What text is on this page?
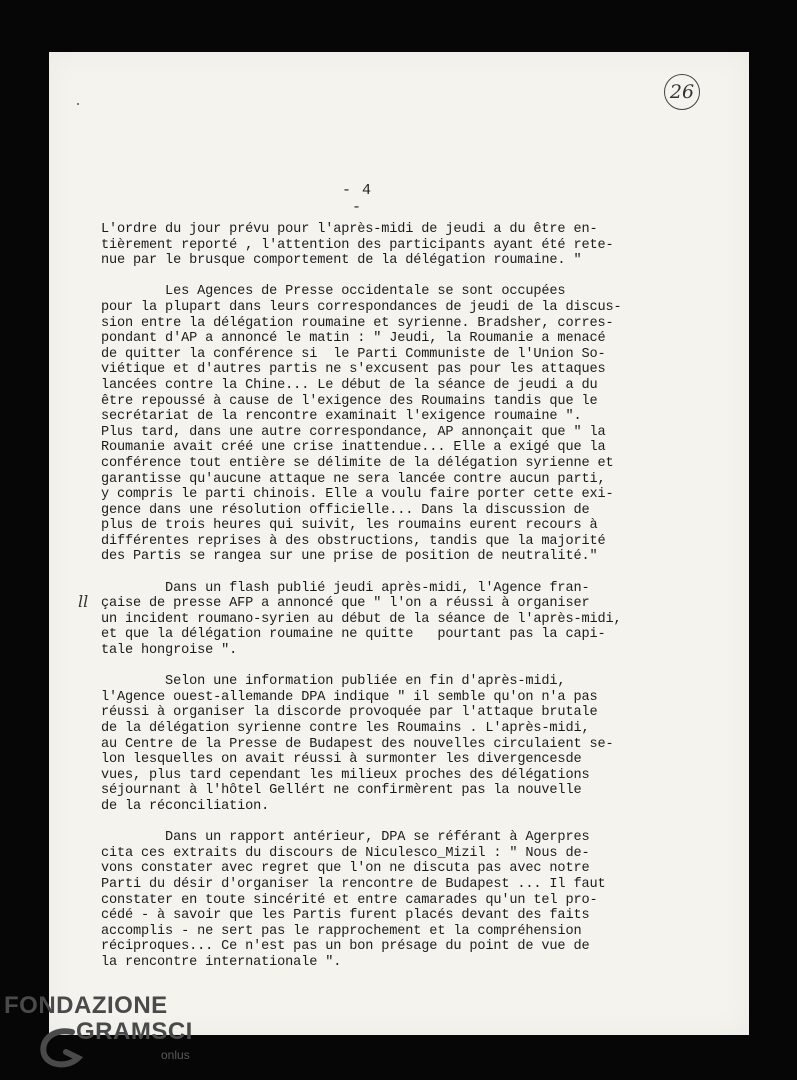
26
- 4 -
ll
L'ordre du jour prévu pour l'après-midi de jeudi a du être en-
tièrement reporté , l'attention des participants ayant été rete-
nue par le brusque comportement de la délégation roumaine. "
Les Agences de Presse occidentale se sont occupées
pour la plupart dans leurs correspondances de jeudi de la discus-
sion entre la délégation roumaine et syrienne. Bradsher, corres-
pondant d'AP a annoncé le matin : " Jeudi, la Roumanie a menacé
de quitter la conférence si  le Parti Communiste de l'Union So-
viétique et d'autres partis ne s'excusent pas pour les attaques
lancées contre la Chine... Le début de la séance de jeudi a du
être repoussé à cause de l'exigence des Roumains tandis que le
secrétariat de la rencontre examinait l'exigence roumaine ".
Plus tard, dans une autre correspondance, AP annonçait que " la
Roumanie avait créé une crise inattendue... Elle a exigé que la
conférence tout entière se délimite de la délégation syrienne et
garantisse qu'aucune attaque ne sera lancée contre aucun parti,
y compris le parti chinois. Elle a voulu faire porter cette exi-
gence dans une résolution officielle... Dans la discussion de
plus de trois heures qui suivit, les roumains eurent recours à
différentes reprises à des obstructions, tandis que la majorité
des Partis se rangea sur une prise de position de neutralité."
Dans un flash publié jeudi après-midi, l'Agence fran-
çaise de presse AFP a annoncé que " l'on a réussi à organiser
un incident roumano-syrien au début de la séance de l'après-midi,
et que la délégation roumaine ne quitte   pourtant pas la capi-
tale hongroise ".
Selon une information publiée en fin d'après-midi,
l'Agence ouest-allemande DPA indique " il semble qu'on n'a pas
réussi à organiser la discorde provoquée par l'attaque brutale
de la délégation syrienne contre les Roumains . L'après-midi,
au Centre de la Presse de Budapest des nouvelles circulaient se-
lon lesquelles on avait réussi à surmonter les divergencesde
vues, plus tard cependant les milieux proches des délégations
séjournant à l'hôtel Gellért ne confirmèrent pas la nouvelle
de la réconciliation.
Dans un rapport antérieur, DPA se référant à Agerpres
cita ces extraits du discours de Niculesco_Mizil : " Nous de-
vons constater avec regret que l'on ne discuta pas avec notre
Parti du désir d'organiser la rencontre de Budapest ... Il faut
constater en toute sincérité et entre camarades qu'un tel pro-
cédé - à savoir que les Partis furent placés devant des faits
accomplis - ne sert pas le rapprochement et la compréhension
réciproques... Ce n'est pas un bon présage du point de vue de
la rencontre internationale ".
FONDAZIONE
GRAMSCI
onlus
